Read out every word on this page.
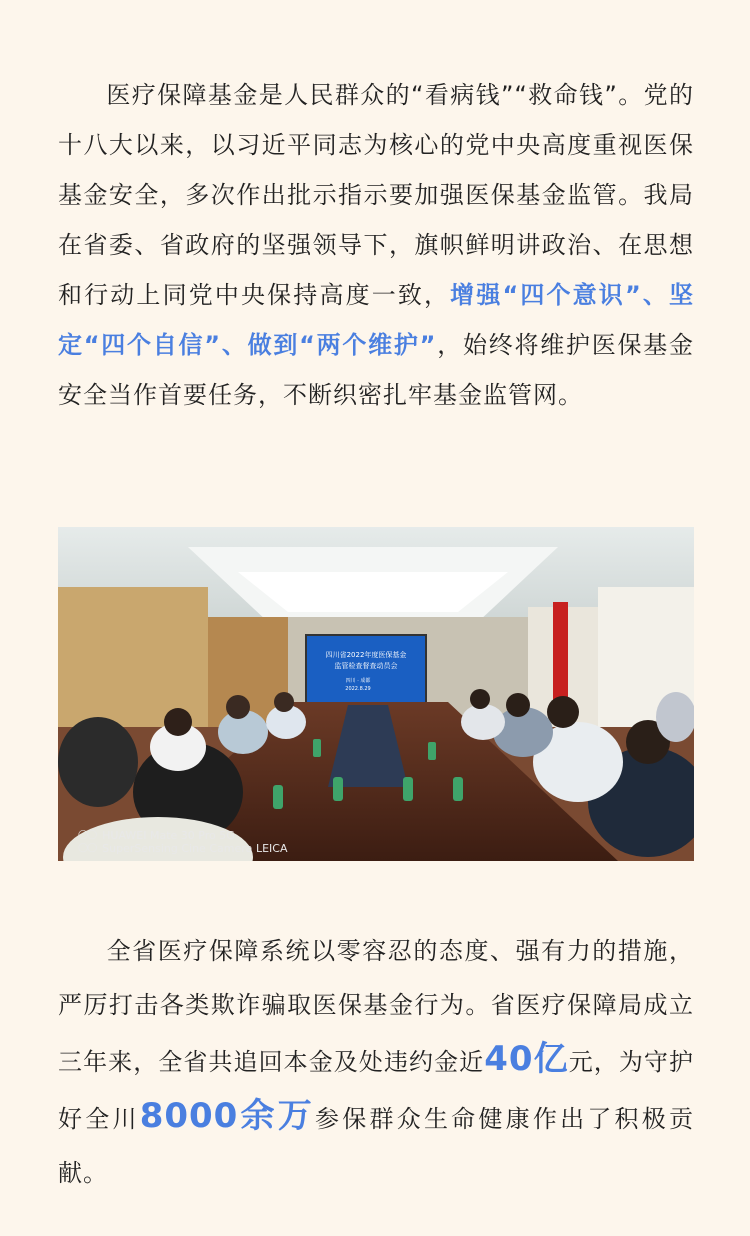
医疗保障基金是人民群众的“看病钱”“救命钱”。党的十八大以来，以习近平同志为核心的党中央高度重视医保基金安全，多次作出批示指示要加强医保基金监管。我局在省委、省政府的坚强领导下，旗帜鲜明讲政治、在思想和行动上同党中央保持高度一致，增强“四个意识”、坚定“四个自信”、做到“两个维护”，始终将维护医保基金安全当作首要任务，不断织密扎牢基金监管网。
四川省2022年度医保基金
监管检查督查动员会
四川 · 成都
2022.8.29
◯◯ HUAWEI Mate 30 Pro 5G
◯◯ SuperSensing Cine Camera LEICA
全省医疗保障系统以零容忍的态度、强有力的措施，严厉打击各类欺诈骗取医保基金行为。省医疗保障局成立三年来，全省共追回本金及处违约金近40亿元，为守护好全川8000余万参保群众生命健康作出了积极贡献。
